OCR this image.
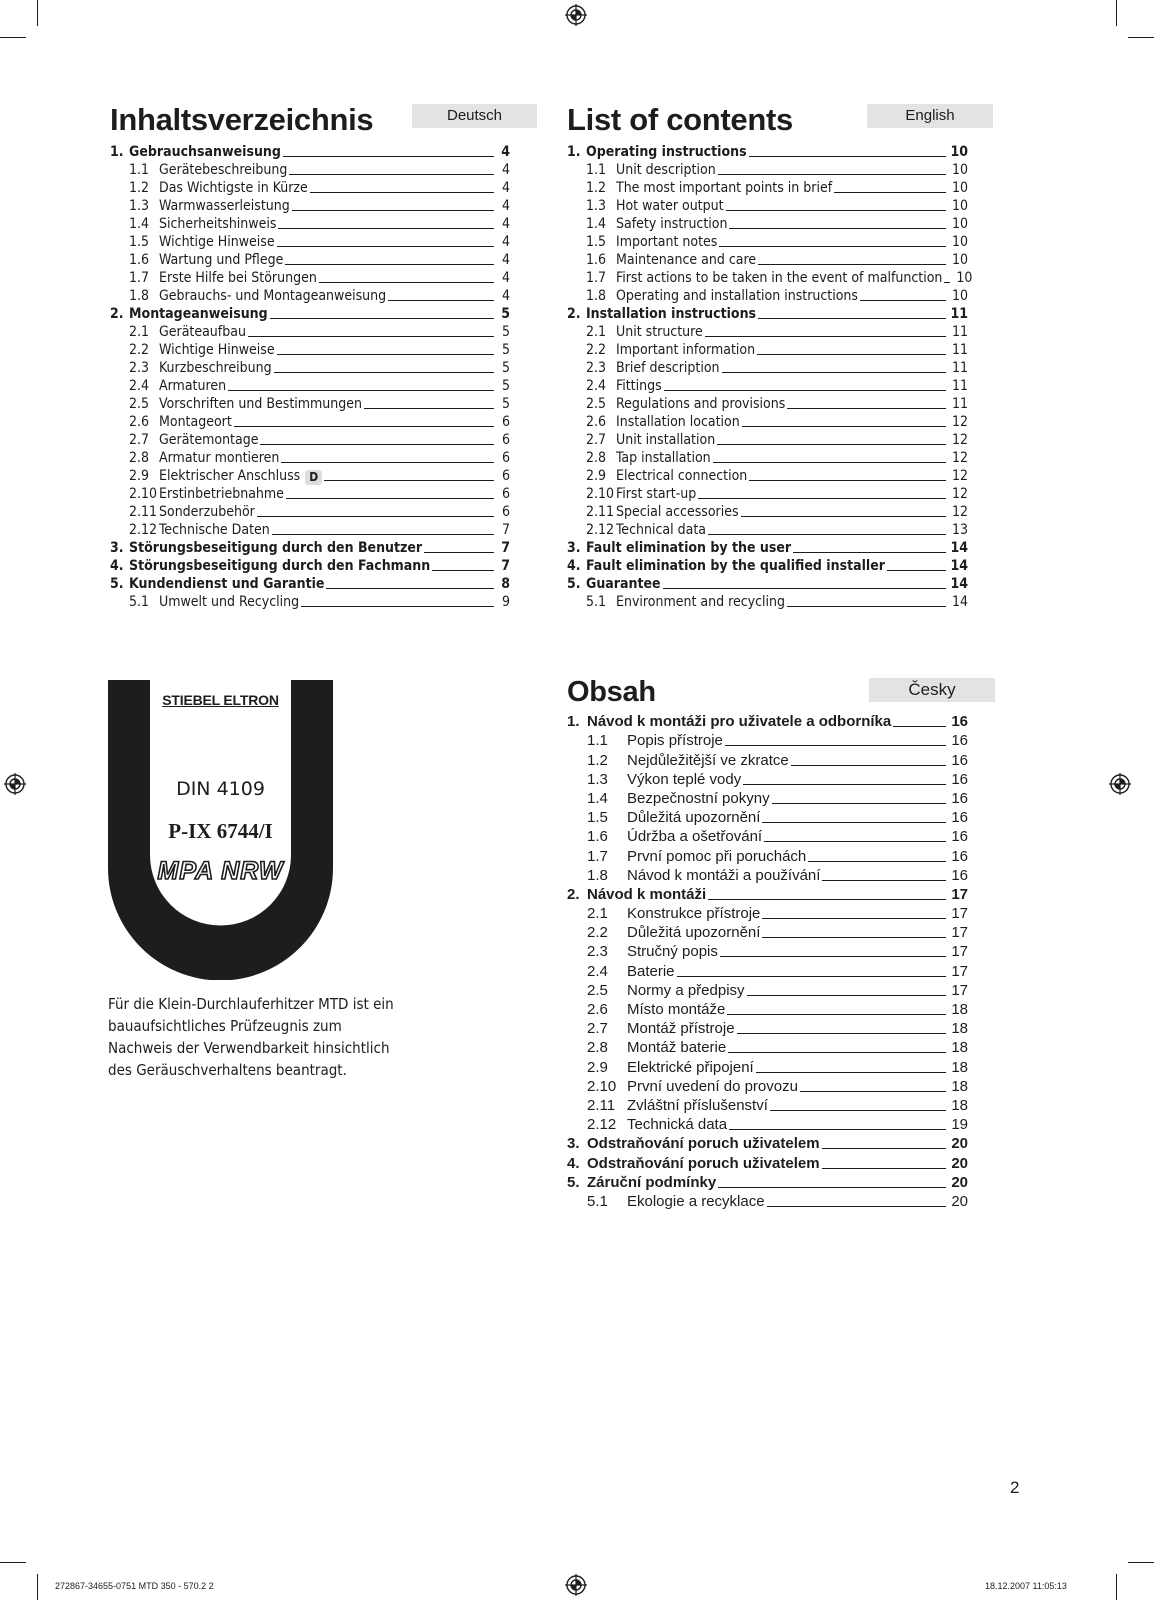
Inhaltsverzeichnis	Deutsch
1. Gebrauchsanweisung	4
1.1 Gerätebeschreibung	4
1.2 Das Wichtigste in Kürze	4
1.3 Warmwasserleistung	4
1.4 Sicherheitshinweis	4
1.5 Wichtige Hinweise	4
1.6 Wartung und Pflege	4
1.7 Erste Hilfe bei Störungen	4
1.8 Gebrauchs- und Montageanweisung	4
2. Montageanweisung	5
2.1 Geräteaufbau	5
2.2 Wichtige Hinweise	5
2.3 Kurzbeschreibung	5
2.4 Armaturen	5
2.5 Vorschriften und Bestimmungen	5
2.6 Montageort	6
2.7 Gerätemontage	6
2.8 Armatur montieren	6
2.9 Elektrischer Anschluss D	6
2.10 Erstinbetriebnahme	6
2.11 Sonderzubehör	6
2.12 Technische Daten	7
3. Störungsbeseitigung durch den Benutzer	7
4. Störungsbeseitigung durch den Fachmann	7
5. Kundendienst und Garantie	8
5.1 Umwelt und Recycling	9
List of contents	English
1. Operating instructions	10
1.1 Unit description	10
1.2 The most important points in brief	10
1.3 Hot water output	10
1.4 Safety instruction	10
1.5 Important notes	10
1.6 Maintenance and care	10
1.7 First actions to be taken in the event of malfunction 10
1.8 Operating and installation instructions	10
2. Installation instructions	11
2.1 Unit structure	11
2.2 Important information	11
2.3 Brief description	11
2.4 Fittings	11
2.5 Regulations and provisions	11
2.6 Installation location	12
2.7 Unit installation	12
2.8 Tap installation	12
2.9 Electrical connection	12
2.10 First start-up	12
2.11 Special accessories	12
2.12 Technical data	13
3. Fault elimination by the user	14
4. Fault elimination by the qualified installer	14
5. Guarantee	14
5.1 Environment and recycling	14
Obsah	Česky
1. Návod k montáži pro uživatele a odborníka	16
1.1	Popis přístroje	16
1.2	Nejdůležitější ve zkratce	16
1.3	Výkon teplé vody	16
1.4	Bezpečnostní pokyny	16
1.5	Důležitá upozornění	16
1.6	Údržba a ošetřování	16
1.7	První pomoc při poruchách	16
1.8	Návod k montáži a používání	16
2. Návod k montáži	17
2.1	Konstrukce přístroje	17
2.2	Důležitá upozornění	17
2.3	Stručný popis	17
2.4	Baterie	17
2.5	Normy a předpisy	17
2.6	Místo montáže	18
2.7	Montáž přístroje	18
2.8	Montáž baterie	18
2.9	Elektrické připojení	18
2.10 První uvedení do provozu	18
2.11 Zvláštní příslušenství	18
2.12 Technická data	19
3. Odstraňování poruch uživatelem	20
4. Odstraňování poruch uživatelem	20
5. Záruční podmínky	20
5.1	Ekologie a recyklace	20
STIEBEL ELTRON
DIN 4109
P-IX 6744/I
MPA NRW

Für die Klein-Durchlauferhitzer MTD ist ein bauaufsichtliches Prüfzeugnis zum Nachweis der Verwendbarkeit hinsichtlich des Geräuschverhaltens beantragt.

2
272867-34655-0751 MTD 350 - 570.2 2	18.12.2007 11:05:13
